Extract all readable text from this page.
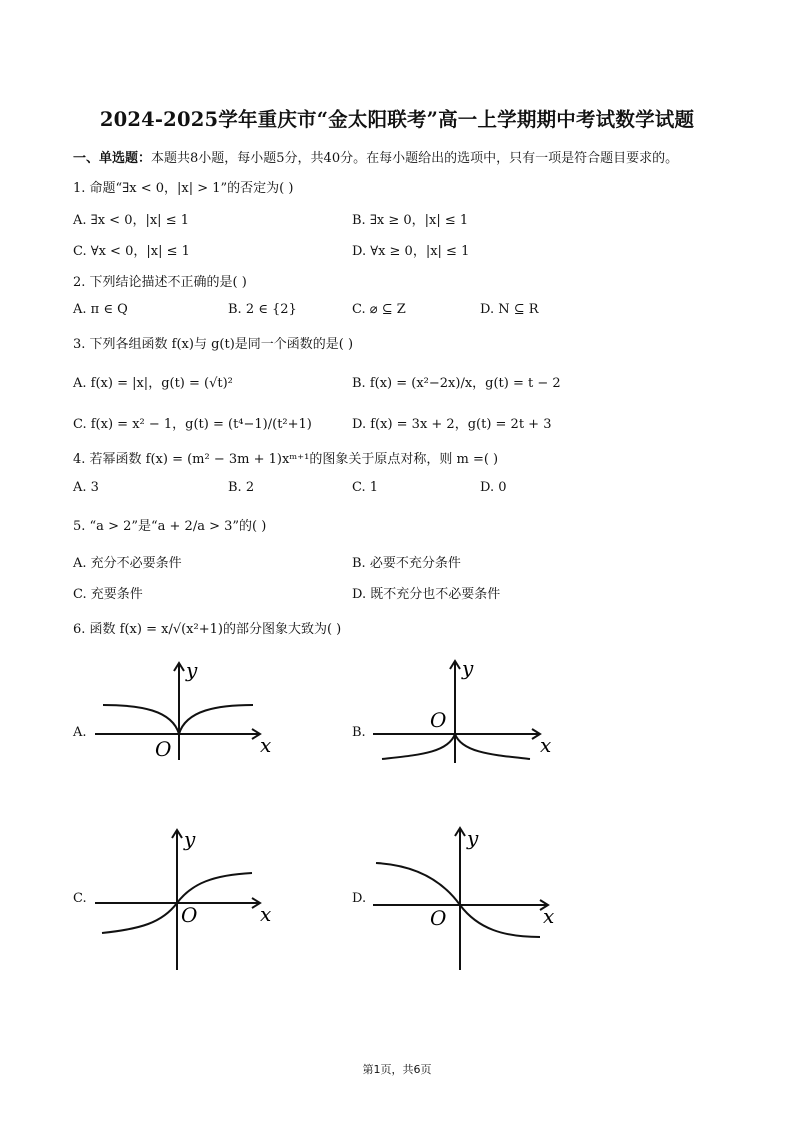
2024-2025学年重庆市“金太阳联考”高一上学期期中考试数学试题
一、单选题：本题共8小题，每小题5分，共40分。在每小题给出的选项中，只有一项是符合题目要求的。
1. 命题“∃x < 0，|x| > 1”的否定为( )
A. ∃x < 0，|x| ≤ 1	B. ∃x ≥ 0，|x| ≤ 1
C. ∀x < 0，|x| ≤ 1	D. ∀x ≥ 0，|x| ≤ 1
2. 下列结论描述不正确的是( )
A. π ∈ Q	B. 2 ∈ {2}	C. ⌀ ⊆ Z	D. N ⊆ R
3. 下列各组函数 f(x)与 g(t)是同一个函数的是( )
A. f(x) = |x|，g(t) = (√t)²	B. f(x) = (x²−2x)/x，g(t) = t − 2
C. f(x) = x² − 1，g(t) = (t⁴−1)/(t²+1)	D. f(x) = 3x + 2，g(t) = 2t + 3
4. 若幂函数 f(x) = (m² − 3m + 1)xᵐ⁺¹的图象关于原点对称，则 m =( )
A. 3	B. 2	C. 1	D. 0
5. “a > 2”是“a + 2/a > 3”的( )
A. 充分不必要条件	B. 必要不充分条件
C. 充要条件	D. 既不充分也不必要条件
6. 函数 f(x) = x/√(x²+1)的部分图象大致为( )
A.	B.
C.	D.
y
x
O
y
x
O
y
x
O
y
x
O
第1页，共6页
